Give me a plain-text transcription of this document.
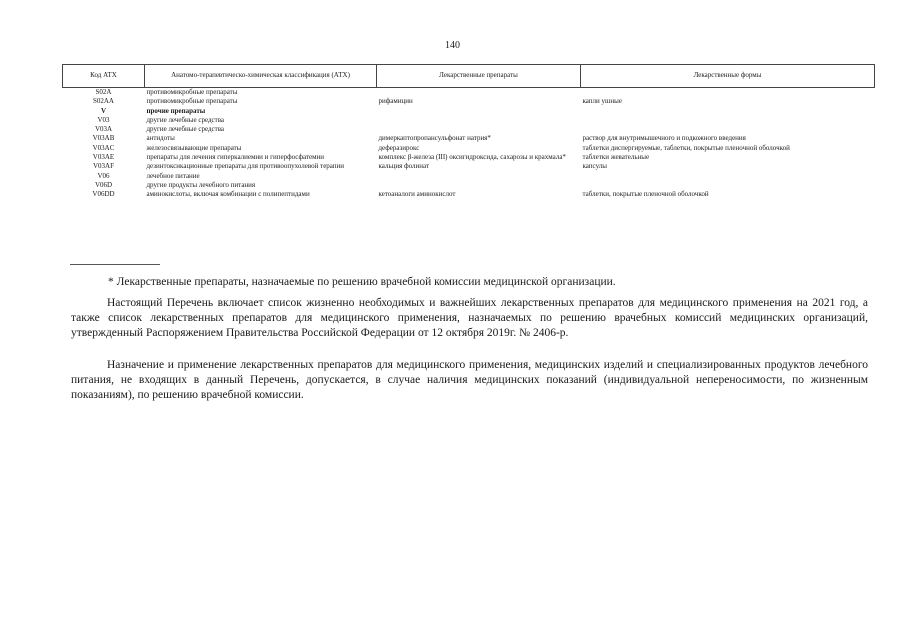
140
Код АТХ	Анатомо-терапевтическо-химическая классификация (АТХ)	Лекарственные препараты	Лекарственные формы
S02A	противомикробные препараты		
S02AA	противомикробные препараты	рифамицин	капли ушные
V	прочие препараты		
V03	другие лечебные средства		
V03A	другие лечебные средства		
V03AB	антидоты	димеркаптопропансульфонат натрия*	раствор для внутримышечного и подкожного введения
V03AC	железосвязывающие препараты	деферазирокс	таблетки диспергируемые, таблетки, покрытые пленочной оболочкой
V03AE	препараты для лечения гиперкалиемии и гиперфосфатемии	комплекс β-железа (III) оксигидроксида, сахарозы и крахмала*	таблетки жевательные
V03AF	дезинтоксикационные препараты для противоопухолевой терапии	кальция фолинат	капсулы
V06	лечебное питание		
V06D	другие продукты лечебного питания		
V06DD	аминокислоты, включая комбинации с полипептидами	кетоаналоги аминокислот	таблетки, покрытые пленочной оболочкой
* Лекарственные препараты, назначаемые по решению врачебной комиссии медицинской организации.

Настоящий Перечень включает список жизненно необходимых и важнейших лекарственных препаратов для медицинского применения на 2021 год, а также список лекарственных препаратов для медицинского применения, назначаемых по решению врачебных комиссий медицинских организаций, утвержденный Распоряжением Правительства Российской Федерации от 12 октября 2019г. № 2406-р.

Назначение и применение лекарственных препаратов для медицинского применения, медицинских изделий и специализированных продуктов лечебного питания, не входящих в данный Перечень, допускается, в случае наличия медицинских показаний (индивидуальной непереносимости, по жизненным показаниям), по решению врачебной комиссии.
